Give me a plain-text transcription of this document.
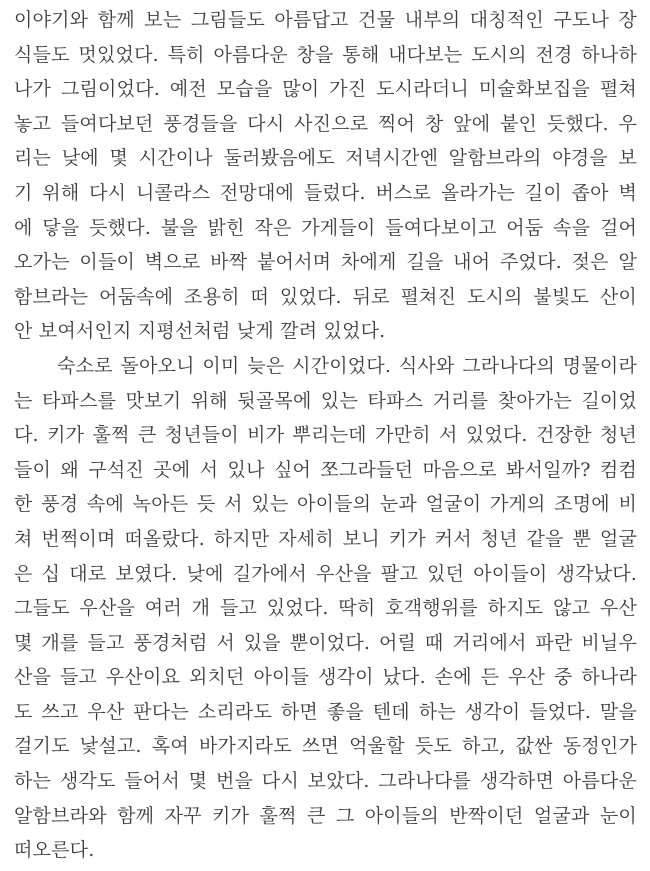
이야기와 함께 보는 그림들도 아름답고 건물 내부의 대칭적인 구도나 장
식들도 멋있었다. 특히 아름다운 창을 통해 내다보는 도시의 전경 하나하
나가 그림이었다. 예전 모습을 많이 가진 도시라더니 미술화보집을 펼쳐
놓고 들여다보던 풍경들을 다시 사진으로 찍어 창 앞에 붙인 듯했다. 우
리는 낮에 몇 시간이나 둘러봤음에도 저녁시간엔 알함브라의 야경을 보
기 위해 다시 니콜라스 전망대에 들렀다. 버스로 올라가는 길이 좁아 벽
에 닿을 듯했다. 불을 밝힌 작은 가게들이 들여다보이고 어둠 속을 걸어
오가는 이들이 벽으로 바짝 붙어서며 차에게 길을 내어 주었다. 젖은 알
함브라는 어둠속에 조용히 떠 있었다. 뒤로 펼쳐진 도시의 불빛도 산이
안 보여서인지 지평선처럼 낮게 깔려 있었다.
숙소로 돌아오니 이미 늦은 시간이었다. 식사와 그라나다의 명물이라
는 타파스를 맛보기 위해 뒷골목에 있는 타파스 거리를 찾아가는 길이었
다. 키가 훌쩍 큰 청년들이 비가 뿌리는데 가만히 서 있었다. 건장한 청년
들이 왜 구석진 곳에 서 있나 싶어 쪼그라들던 마음으로 봐서일까? 컴컴
한 풍경 속에 녹아든 듯 서 있는 아이들의 눈과 얼굴이 가게의 조명에 비
쳐 번쩍이며 떠올랐다. 하지만 자세히 보니 키가 커서 청년 같을 뿐 얼굴
은 십 대로 보였다. 낮에 길가에서 우산을 팔고 있던 아이들이 생각났다.
그들도 우산을 여러 개 들고 있었다. 딱히 호객행위를 하지도 않고 우산
몇 개를 들고 풍경처럼 서 있을 뿐이었다. 어릴 때 거리에서 파란 비닐우
산을 들고 우산이요 외치던 아이들 생각이 났다. 손에 든 우산 중 하나라
도 쓰고 우산 판다는 소리라도 하면 좋을 텐데 하는 생각이 들었다. 말을
걸기도 낯설고. 혹여 바가지라도 쓰면 억울할 듯도 하고, 값싼 동정인가
하는 생각도 들어서 몇 번을 다시 보았다. 그라나다를 생각하면 아름다운
알함브라와 함께 자꾸 키가 훌쩍 큰 그 아이들의 반짝이던 얼굴과 눈이
떠오른다.
